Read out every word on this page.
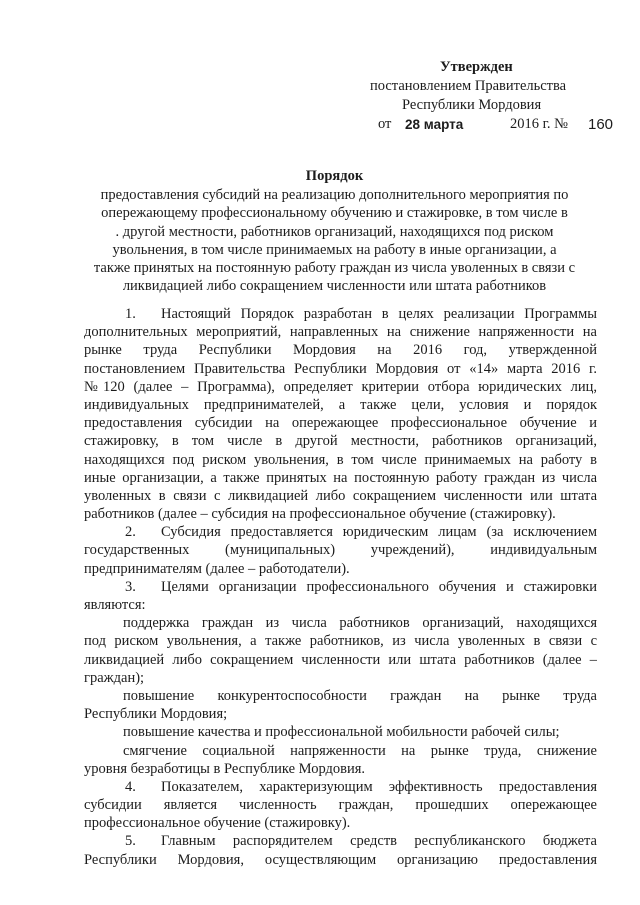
Утвержден
постановлением Правительства
Республики Мордовия
от 28 марта	2016 г. № 160
Порядок
предоставления субсидий на реализацию дополнительного мероприятия по
опережающему профессиональному обучению и стажировке, в том числе в
. другой местности, работников организаций, находящихся под риском
увольнения, в том числе принимаемых на работу в иные организации, а
также принятых на постоянную работу граждан из числа уволенных в связи с
ликвидацией либо сокращением численности или штата работников
1.	Настоящий Порядок разработан в целях реализации Программы
дополнительных мероприятий, направленных на снижение напряженности на
рынке труда Республики Мордовия на 2016 год, утвержденной
постановлением Правительства Республики Мордовия от «14» марта 2016 г.
№120 (далее – Программа), определяет критерии отбора юридических лиц,
индивидуальных предпринимателей, а также цели, условия и порядок
предоставления субсидии на опережающее профессиональное обучение и
стажировку, в том числе в другой местности, работников организаций,
находящихся под риском увольнения, в том числе принимаемых на работу в
иные организации, а также принятых на постоянную работу граждан из числа
уволенных в связи с ликвидацией либо сокращением численности или штата
работников (далее – субсидия на профессиональное обучение (стажировку).
2.	Субсидия предоставляется юридическим лицам (за исключением
государственных (муниципальных) учреждений), индивидуальным
предпринимателям (далее – работодатели).
3.	Целями организации профессионального обучения и стажировки
являются:
поддержка граждан из числа работников организаций, находящихся
под риском увольнения, а также работников, из числа уволенных в связи с
ликвидацией либо сокращением численности или штата работников (далее –
граждан);
повышение конкурентоспособности граждан на рынке труда
Республики Мордовия;
повышение качества и профессиональной мобильности рабочей силы;
смягчение социальной напряженности на рынке труда, снижение
уровня безработицы в Республике Мордовия.
4.	Показателем, характеризующим эффективность предоставления
субсидии является численность граждан, прошедших опережающее
профессиональное обучение (стажировку).
5.	Главным распорядителем средств республиканского бюджета
Республики Мордовия, осуществляющим организацию предоставления
